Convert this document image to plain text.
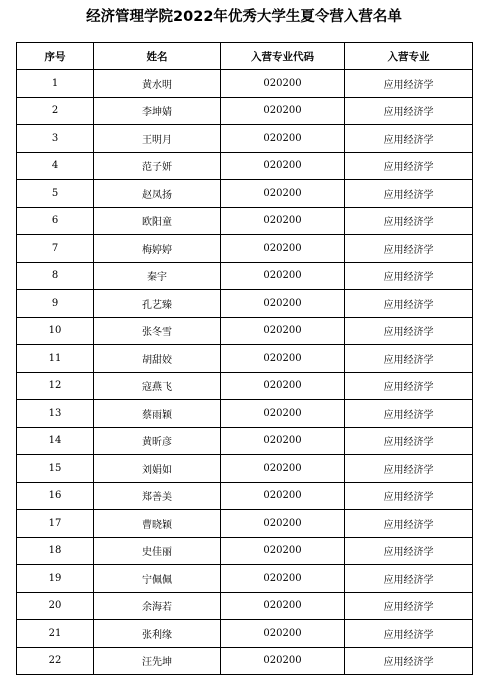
经济管理学院2022年优秀大学生夏令营入营名单
序号	姓名	入营专业代码	入营专业
1	黄水明	020200	应用经济学
2	李坤婧	020200	应用经济学
3	王明月	020200	应用经济学
4	范子妍	020200	应用经济学
5	赵凤扬	020200	应用经济学
6	欧阳童	020200	应用经济学
7	梅婷婷	020200	应用经济学
8	秦宇	020200	应用经济学
9	孔艺臻	020200	应用经济学
10	张冬雪	020200	应用经济学
11	胡甜姣	020200	应用经济学
12	寇燕飞	020200	应用经济学
13	蔡雨颖	020200	应用经济学
14	黄昕彦	020200	应用经济学
15	刘娟如	020200	应用经济学
16	郑善美	020200	应用经济学
17	曹晓颖	020200	应用经济学
18	史佳丽	020200	应用经济学
19	宁佩佩	020200	应用经济学
20	余海若	020200	应用经济学
21	张利缘	020200	应用经济学
22	汪先坤	020200	应用经济学
